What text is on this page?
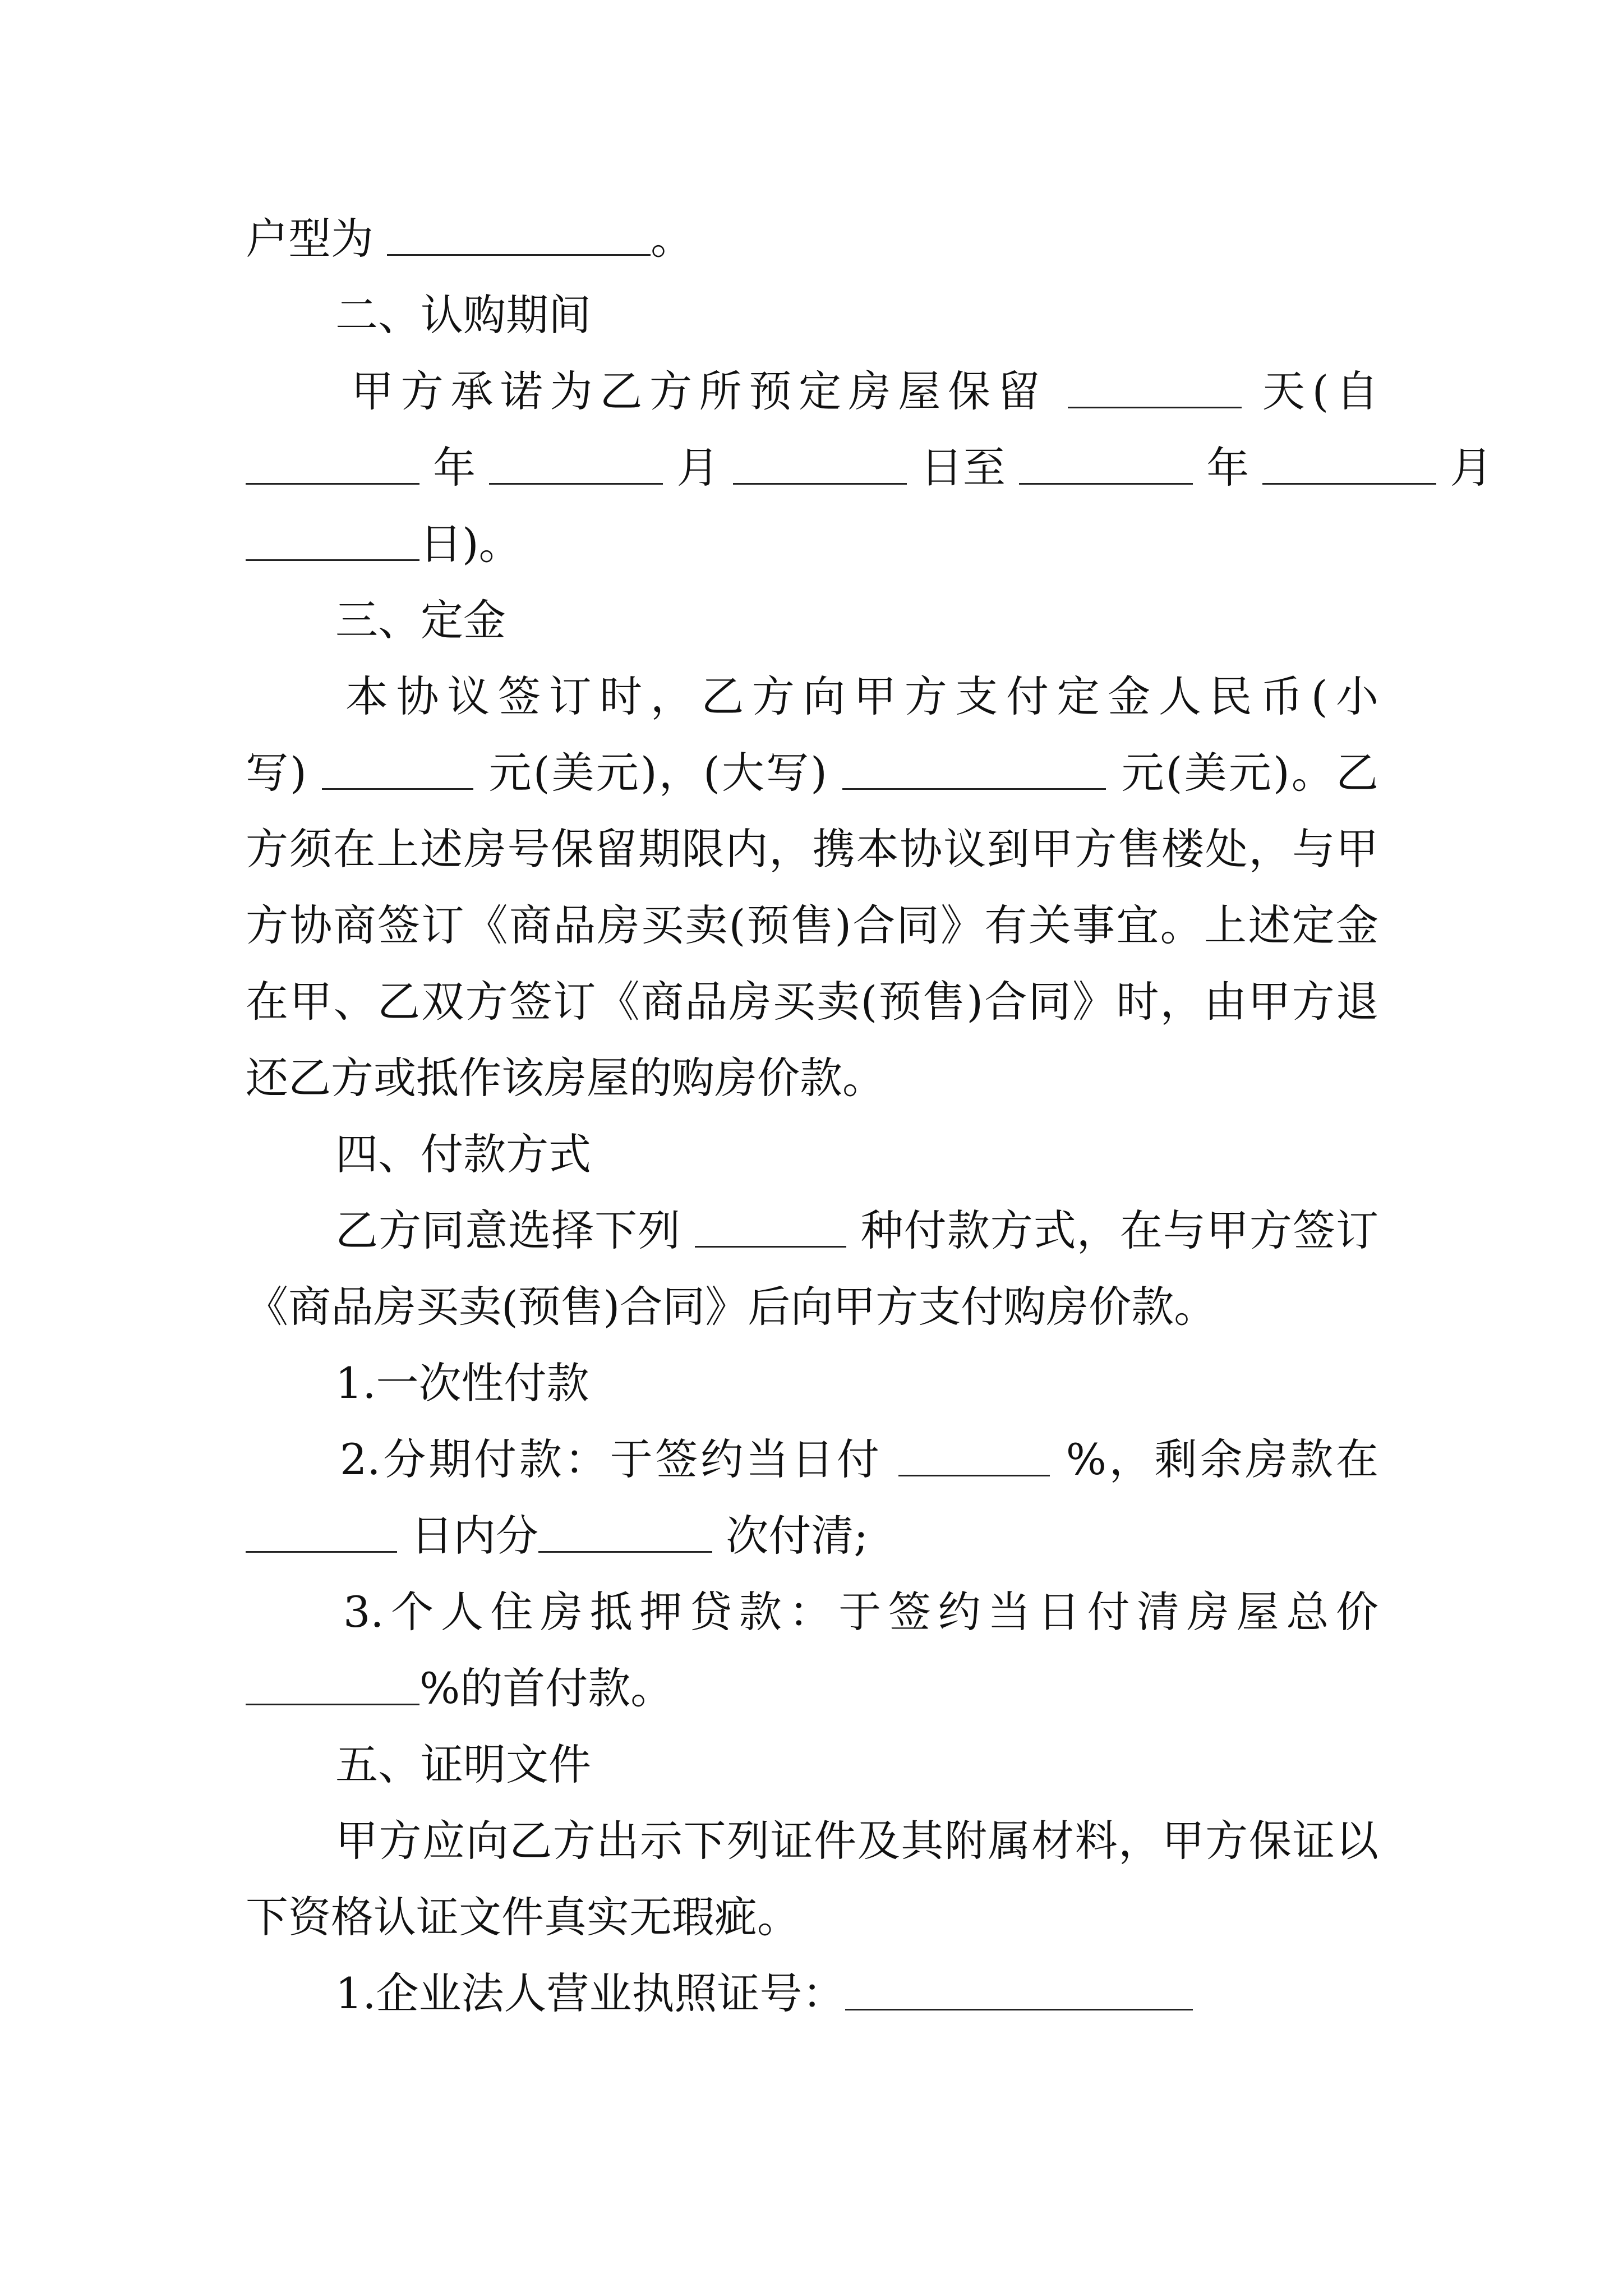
户型为	。
二、认购期间
甲方承诺为乙方所预定房屋保留	天(自
年	月	日至	年	月
日)。
三、定金
本协议签订时，乙方向甲方支付定金人民币(小
写)	元(美元)，(大写)	元(美元)。乙
方须在上述房号保留期限内，携本协议到甲方售楼处，与甲
方协商签订《商品房买卖(预售)合同》有关事宜。上述定金
在甲、乙双方签订《商品房买卖(预售)合同》时，由甲方退
还乙方或抵作该房屋的购房价款。
四、付款方式
乙方同意选择下列	种付款方式，在与甲方签订
《商品房买卖(预售)合同》后向甲方支付购房价款。
1.一次性付款
2.分期付款：于签约当日付	%，剩余房款在
日内分	次付清;
3.个人住房抵押贷款：于签约当日付清房屋总价
%的首付款。
五、证明文件
甲方应向乙方出示下列证件及其附属材料，甲方保证以
下资格认证文件真实无瑕疵。
1.企业法人营业执照证号：
